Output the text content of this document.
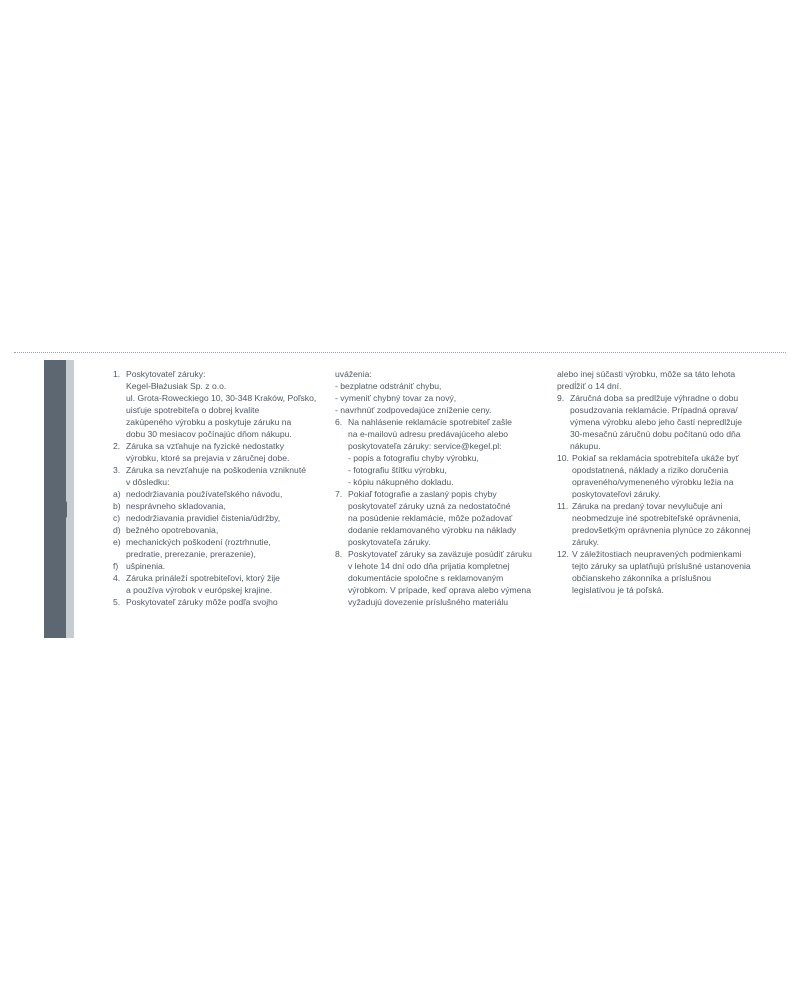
30
mesiacov
SK
ZÁRUKA
1. Poskytovateľ záruky:
Kegel-Błażusiak Sp. z o.o.
ul. Grota-Roweckiego 10, 30-348 Kraków, Poľsko,
uisťuje spotrebiteľa o dobrej kvalite
zakúpeného výrobku a poskytuje záruku na
dobu 30 mesiacov počínajúc dňom nákupu.
2. Záruka sa vzťahuje na fyzické nedostatky
výrobku, ktoré sa prejavia v záručnej dobe.
3. Záruka sa nevzťahuje na poškodenia vzniknuté
v dôsledku:
a) nedodržiavania používateľského návodu,
b) nesprávneho skladovania,
c) nedodržiavania pravidiel čistenia/údržby,
d) bežného opotrebovania,
e) mechanických poškodení (roztrhnutie,
predratie, prerezanie, prerazenie),
f) ušpinenia.
4. Záruka prináleží spotrebiteľovi, ktorý žije
a používa výrobok v európskej krajine.
5. Poskytovateľ záruky môže podľa svojho
uváženia:
- bezplatne odstrániť chybu,
- vymeniť chybný tovar za nový,
- navrhnúť zodpovedajúce zníženie ceny.
6. Na nahlásenie reklamácie spotrebiteľ zašle
na e-mailovú adresu predávajúceho alebo
poskytovateľa záruky: service@kegel.pl:
- popis a fotografiu chyby výrobku,
- fotografiu štítku výrobku,
- kópiu nákupného dokladu.
7. Pokiaľ fotografie a zaslaný popis chyby
poskytovateľ záruky uzná za nedostatočné
na posúdenie reklamácie, môže požadovať
dodanie reklamovaného výrobku na náklady
poskytovateľa záruky.
8. Poskytovateľ záruky sa zaväzuje posúdiť záruku
v lehote 14 dní odo dňa prijatia kompletnej
dokumentácie spoločne s reklamovaným
výrobkom. V prípade, keď oprava alebo výmena
vyžadujú dovezenie príslušného materiálu
alebo inej súčasti výrobku, môže sa táto lehota
predĺžiť o 14 dní.
9. Záručná doba sa predlžuje výhradne o dobu
posudzovania reklamácie. Prípadná oprava/
výmena výrobku alebo jeho častí nepredlžuje
30-mesačnú záručnú dobu počítanú odo dňa
nákupu.
10. Pokiaľ sa reklamácia spotrebiteľa ukáže byť
opodstatnená, náklady a riziko doručenia
opraveného/vymeneného výrobku ležia na
poskytovateľovi záruky.
11. Záruka na predaný tovar nevylučuje ani
neobmedzuje iné spotrebiteľské oprávnenia,
predovšetkým oprávnenia plynúce zo zákonnej
záruky.
12. V záležitostiach neupravených podmienkami
tejto záruky sa uplatňujú príslušné ustanovenia
občianskeho zákonníka a príslušnou
legislatívou je tá poľská.
